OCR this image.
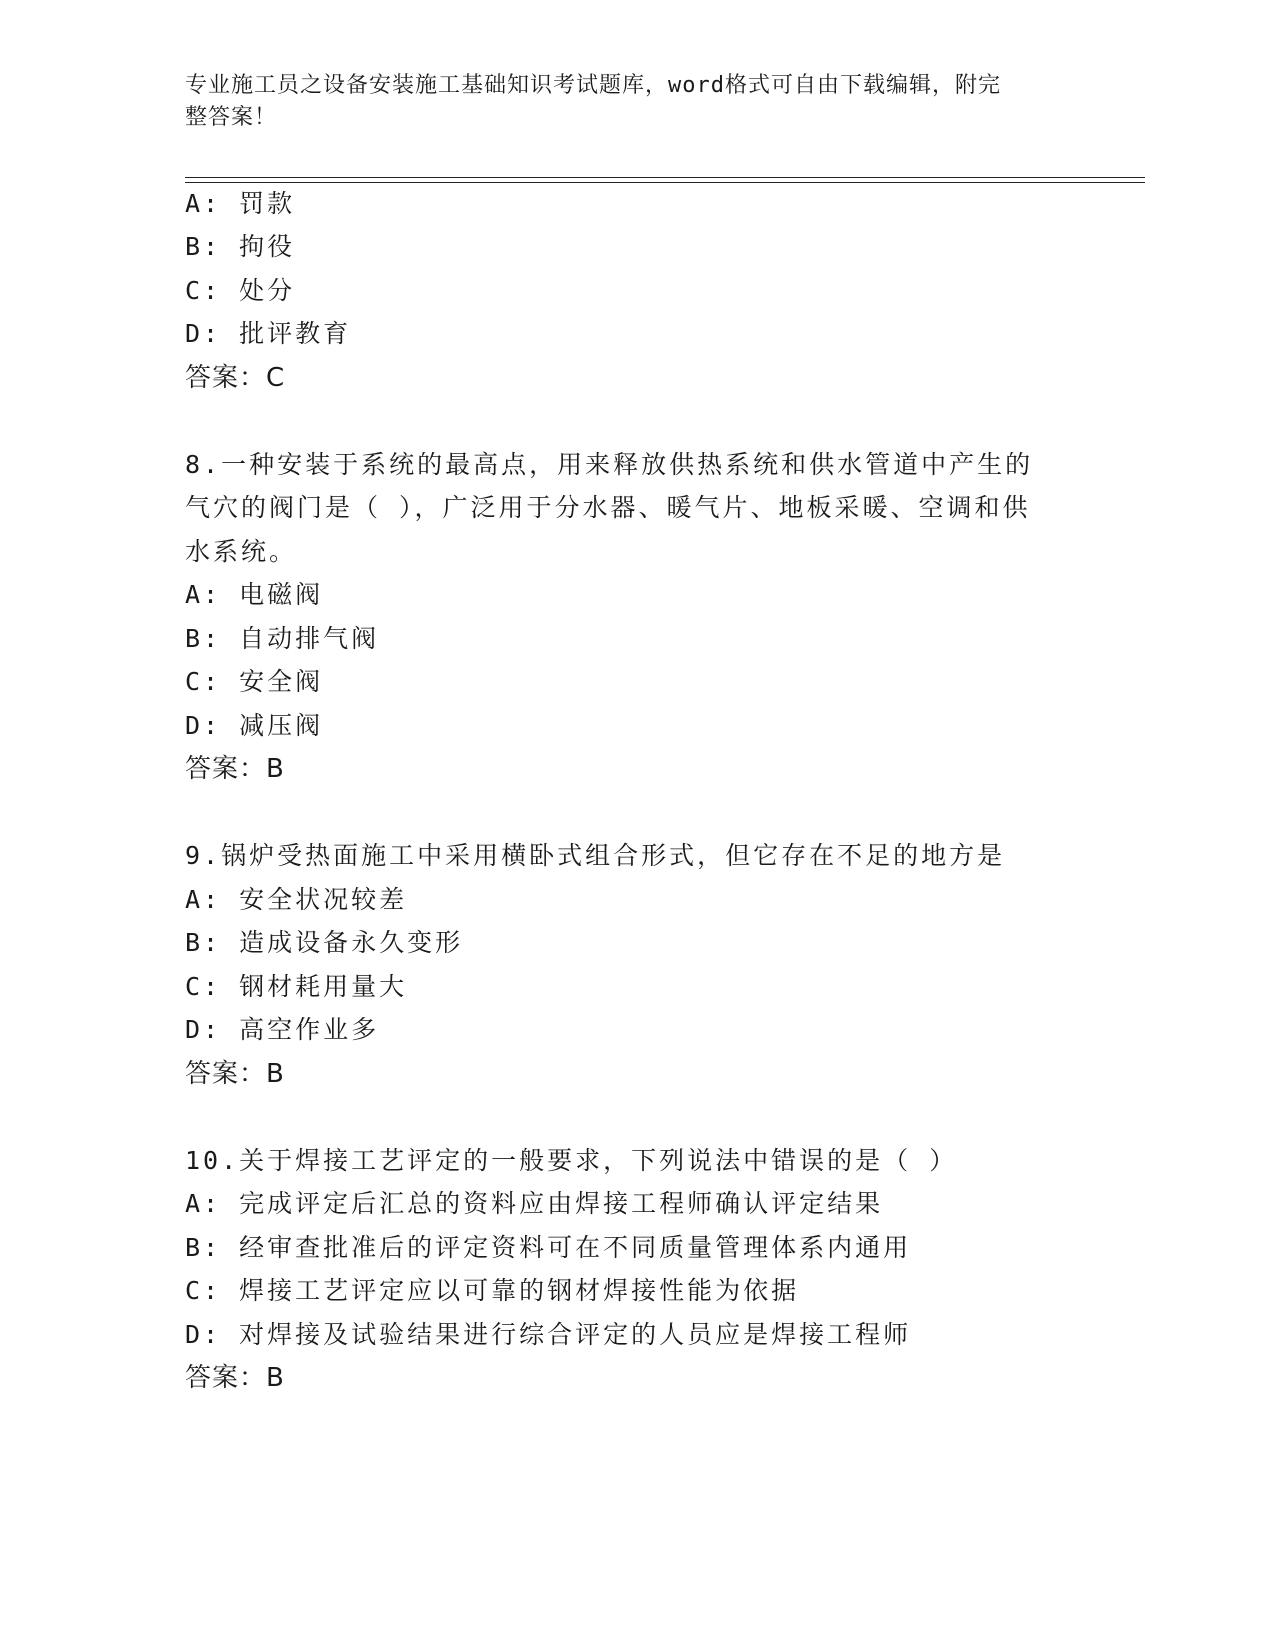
专业施工员之设备安装施工基础知识考试题库，word格式可自由下载编辑，附完
整答案！
A: 罚款
B: 拘役
C: 处分
D: 批评教育
答案：C
8.一种安装于系统的最高点，用来释放供热系统和供水管道中产生的
气穴的阀门是（ ），广泛用于分水器、暖气片、地板采暖、空调和供
水系统。
A: 电磁阀
B: 自动排气阀
C: 安全阀
D: 减压阀
答案：B
9.锅炉受热面施工中采用横卧式组合形式，但它存在不足的地方是
A: 安全状况较差
B: 造成设备永久变形
C: 钢材耗用量大
D: 高空作业多
答案：B
10.关于焊接工艺评定的一般要求，下列说法中错误的是（ ）
A: 完成评定后汇总的资料应由焊接工程师确认评定结果
B: 经审查批准后的评定资料可在不同质量管理体系内通用
C: 焊接工艺评定应以可靠的钢材焊接性能为依据
D: 对焊接及试验结果进行综合评定的人员应是焊接工程师
答案：B
